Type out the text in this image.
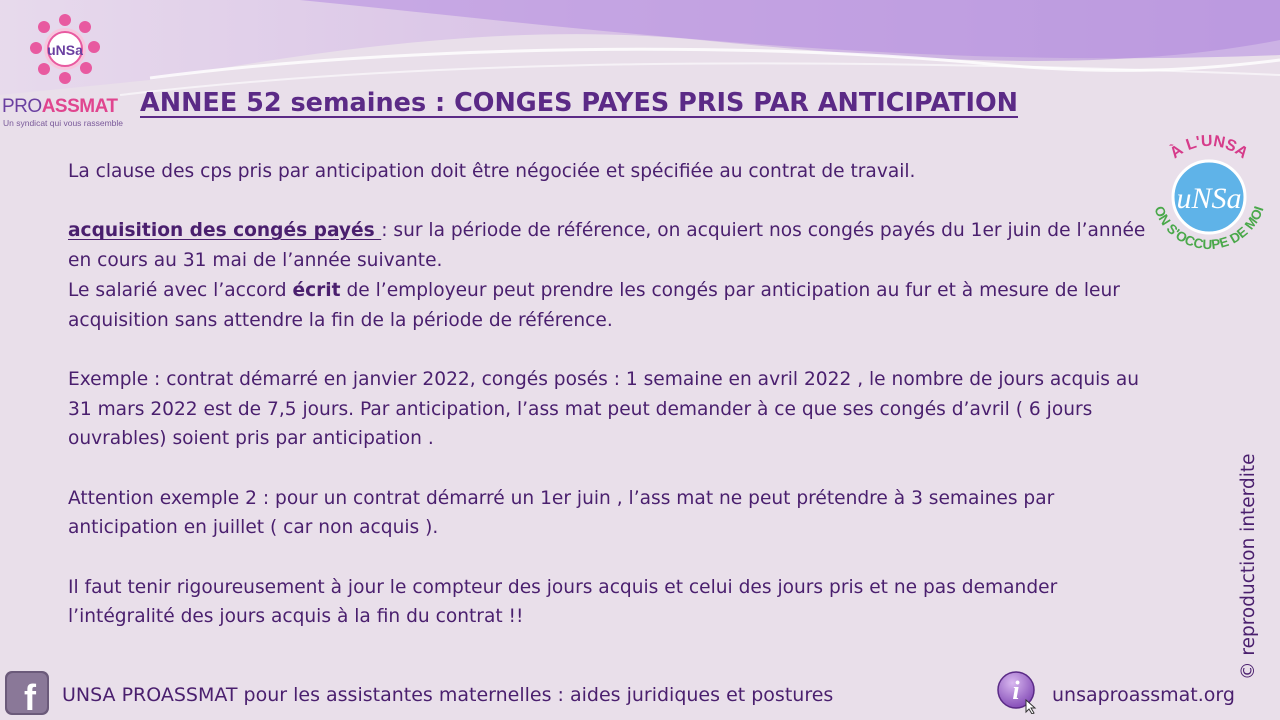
uNSa
PROASSMAT
Un syndicat qui vous rassemble
ANNEE 52 semaines : CONGES PAYES PRIS PAR ANTICIPATION
uNSa
À L'UNSA
ON S'OCCUPE DE MOI

La clause des cps pris par anticipation doit être négociée et spécifiée au contrat de travail.

acquisition des congés payés : sur la période de référence, on acquiert nos congés payés du 1er juin de l’année en cours au 31 mai de l’année suivante.

Le salarié avec l’accord écrit de l’employeur peut prendre les congés par anticipation au fur et à mesure de leur acquisition sans attendre la fin de la période de référence.

Exemple : contrat démarré en janvier 2022, congés posés : 1 semaine en avril 2022 , le nombre de jours acquis au 31 mars 2022 est de 7,5 jours. Par anticipation, l’ass mat peut demander à ce que ses congés d’avril ( 6 jours ouvrables) soient pris par anticipation .

Attention exemple 2 : pour un contrat démarré un 1er juin , l’ass mat ne peut prétendre à 3 semaines par anticipation en juillet ( car non acquis ).

Il faut tenir rigoureusement à jour le compteur des jours acquis et celui des jours pris et ne pas demander l’intégralité des jours acquis à la fin du contrat !!	© reproduction interdite
f UNSA PROASSMAT pour les assistantes maternelles : aides juridiques et postures	i unsaproassmat.org
